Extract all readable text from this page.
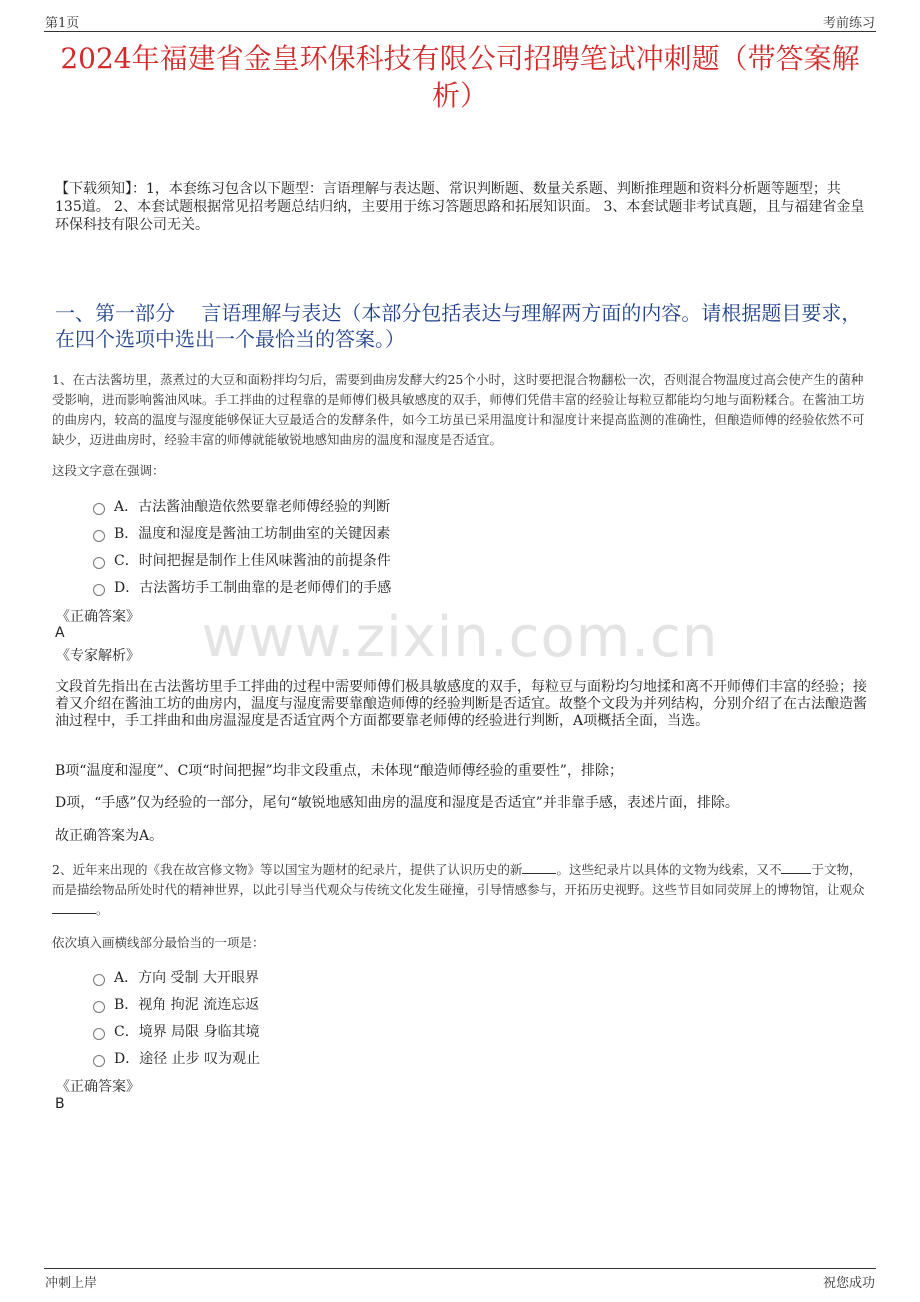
第1页	考前练习
2024年福建省金皇环保科技有限公司招聘笔试冲刺题（带答案解析）
【下载须知】：1，本套练习包含以下题型：言语理解与表达题、常识判断题、数量关系题、判断推理题和资料分析题等题型；共135道。 2、本套试题根据常见招考题总结归纳，主要用于练习答题思路和拓展知识面。 3、本套试题非考试真题，且与福建省金皇环保科技有限公司无关。
一、第一部分　 言语理解与表达（本部分包括表达与理解两方面的内容。请根据题目要求，在四个选项中选出一个最恰当的答案。）
1、在古法酱坊里，蒸煮过的大豆和面粉拌均匀后，需要到曲房发酵大约25个小时，这时要把混合物翻松一次，否则混合物温度过高会使产生的菌种受影响，进而影响酱油风味。手工拌曲的过程靠的是师傅们极具敏感度的双手，师傅们凭借丰富的经验让每粒豆都能均匀地与面粉糅合。在酱油工坊的曲房内，较高的温度与湿度能够保证大豆最适合的发酵条件，如今工坊虽已采用温度计和湿度计来提高监测的准确性，但酿造师傅的经验依然不可缺少，迈进曲房时，经验丰富的师傅就能敏锐地感知曲房的温度和湿度是否适宜。
这段文字意在强调：
A．古法酱油酿造依然要靠老师傅经验的判断
B．温度和湿度是酱油工坊制曲室的关键因素
C．时间把握是制作上佳风味酱油的前提条件
D．古法酱坊手工制曲靠的是老师傅们的手感
《正确答案》
A
《专家解析》
文段首先指出在古法酱坊里手工拌曲的过程中需要师傅们极具敏感度的双手，每粒豆与面粉均匀地揉和离不开师傅们丰富的经验；接着又介绍在酱油工坊的曲房内，温度与湿度需要靠酿造师傅的经验判断是否适宜。故整个文段为并列结构，分别介绍了在古法酿造酱油过程中，手工拌曲和曲房温湿度是否适宜两个方面都要靠老师傅的经验进行判断，A项概括全面，当选。
B项“温度和湿度”、C项“时间把握”均非文段重点，未体现“酿造师傅经验的重要性”，排除；
D项，“手感”仅为经验的一部分，尾句“敏锐地感知曲房的温度和湿度是否适宜”并非靠手感，表述片面，排除。
故正确答案为A。
www.zixin.com.cn
2、近年来出现的《我在故宫修文物》等以国宝为题材的纪录片，提供了认识历史的新	。这些纪录片以具体的文物为线索，又不 于文物，而是描绘物品所处时代的精神世界，以此引导当代观众与传统文化发生碰撞，引导情感参与，开拓历史视野。这些节目如同荧屏上的博物馆，让观众。
依次填入画横线部分最恰当的一项是：
A．方向 受制 大开眼界
B．视角 拘泥 流连忘返
C．境界 局限 身临其境
D．途径 止步 叹为观止
《正确答案》
B
冲刺上岸	祝您成功
